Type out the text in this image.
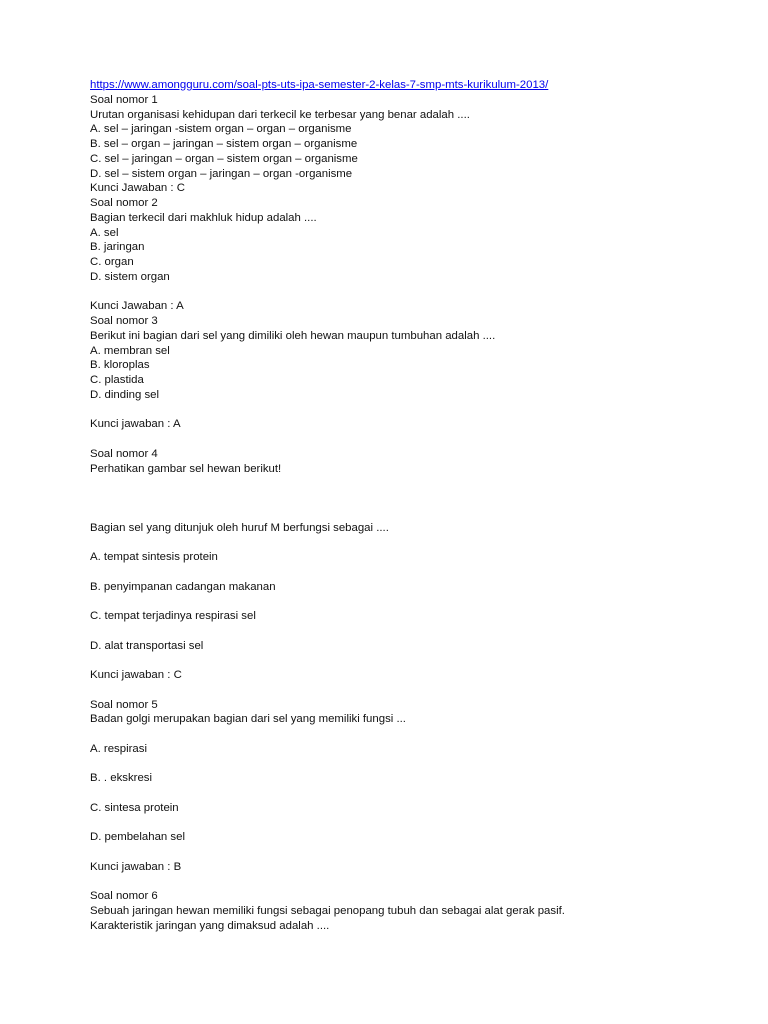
https://www.amongguru.com/soal-pts-uts-ipa-semester-2-kelas-7-smp-mts-kurikulum-2013/
Soal nomor 1
Urutan organisasi kehidupan dari terkecil ke terbesar yang benar adalah ....
A. sel – jaringan -sistem organ – organ – organisme
B. sel – organ – jaringan – sistem organ – organisme
C. sel – jaringan – organ – sistem organ – organisme
D. sel – sistem organ – jaringan – organ -organisme
Kunci Jawaban : C
Soal nomor 2
Bagian terkecil dari makhluk hidup adalah ....
A. sel
B. jaringan
C. organ
D. sistem organ
Kunci Jawaban : A
Soal nomor 3
Berikut ini bagian dari sel yang dimiliki oleh hewan maupun tumbuhan adalah ....
A. membran sel
B. kloroplas
C. plastida
D. dinding sel
Kunci jawaban : A
Soal nomor 4
Perhatikan gambar sel hewan berikut!
Bagian sel yang ditunjuk oleh huruf M berfungsi sebagai ....
A. tempat sintesis protein
B. penyimpanan cadangan makanan
C. tempat terjadinya respirasi sel
D. alat transportasi sel
Kunci jawaban : C
Soal nomor 5
Badan golgi merupakan bagian dari sel yang memiliki fungsi ...
A. respirasi
B. . ekskresi
C. sintesa protein
D. pembelahan sel
Kunci jawaban : B
Soal nomor 6
Sebuah jaringan hewan memiliki fungsi sebagai penopang tubuh dan sebagai alat gerak pasif.
Karakteristik jaringan yang dimaksud adalah ....
